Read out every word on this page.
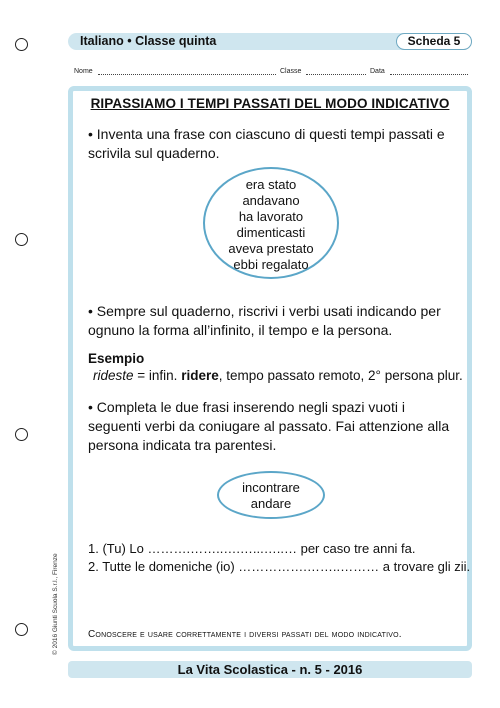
Italiano • Classe quinta	Scheda 5
Nome	Classe	Data
RIPASSIAMO I TEMPI PASSATI DEL MODO INDICATIVO
• Inventa una frase con ciascuno di questi tempi passati e scrivila sul quaderno.
era stato
andavano
ha lavorato
dimenticasti
aveva prestato
ebbi regalato
• Sempre sul quaderno, riscrivi i verbi usati indicando per ognuno la forma all’infinito, il tempo e la persona.
Esempio
rideste = infin. ridere, tempo passato remoto, 2° persona plur.
• Completa le due frasi inserendo negli spazi vuoti i seguenti verbi da coniugare al passato. Fai attenzione alla persona indicata tra parentesi.
incontrare
andare
1. (Tu) Lo ……….……..….…...…..… per caso tre anni fa.
2. Tutte le domeniche (io) …………….……..……… a trovare gli zii.
Conoscere e usare correttamente i diversi passati del modo indicativo.
© 2016 Giunti Scuola S.r.l., Firenze
La Vita Scolastica - n. 5 - 2016
